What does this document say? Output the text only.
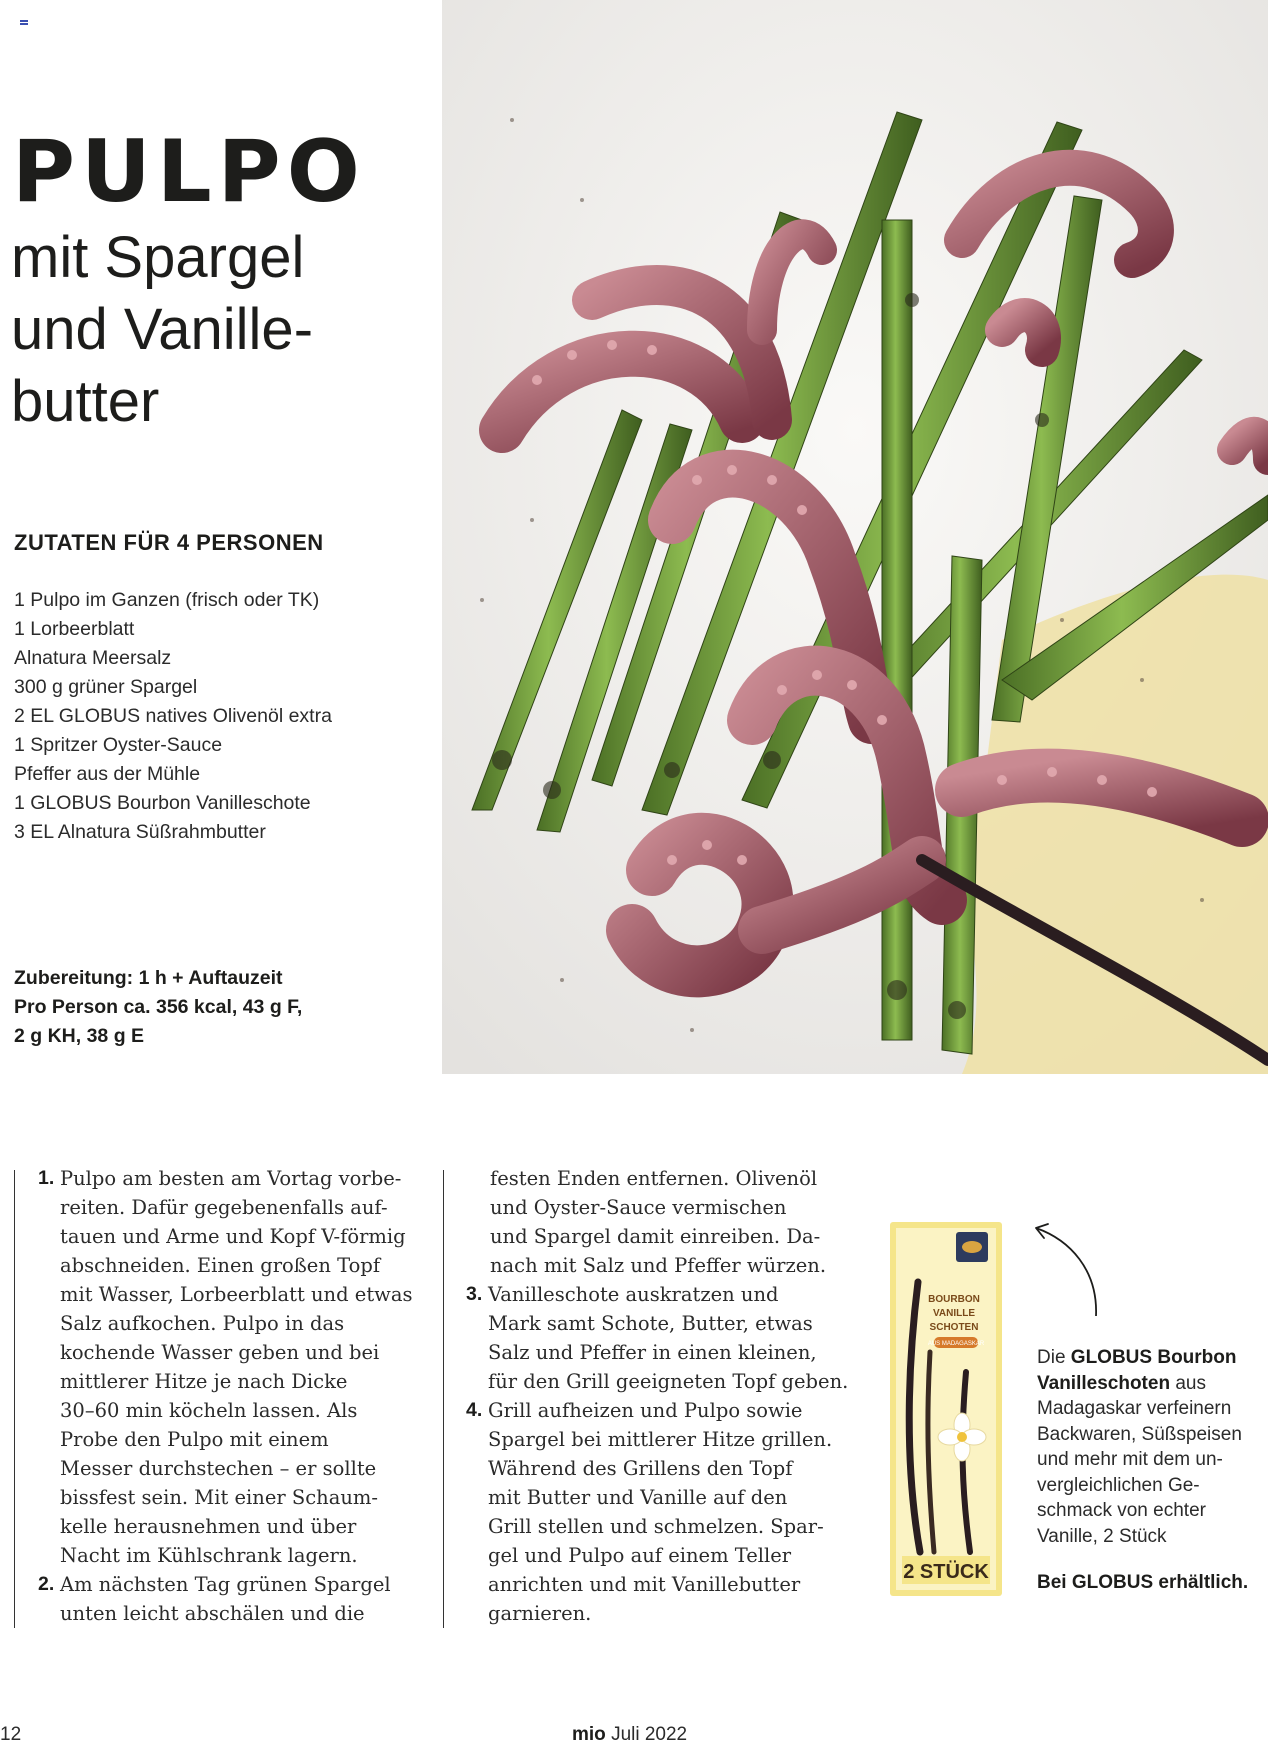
PULPO
mit Spargel
und Vanille-
butter
ZUTATEN FÜR 4 PERSONEN
1 Pulpo im Ganzen (frisch oder TK)
1 Lorbeerblatt
Alnatura Meersalz
300 g grüner Spargel
2 EL GLOBUS natives Olivenöl extra
1 Spritzer Oyster-Sauce
Pfeffer aus der Mühle
1 GLOBUS Bourbon Vanilleschote
3 EL Alnatura Süßrahmbutter

Zubereitung: 1 h + Auftauzeit
Pro Person ca. 356 kcal, 43 g F,
2 g KH, 38 g E

1. Pulpo am besten am Vortag vorbe-
reiten. Dafür gegebenenfalls auf-
tauen und Arme und Kopf V-förmig
abschneiden. Einen großen Topf
mit Wasser, Lorbeerblatt und etwas
Salz aufkochen. Pulpo in das
kochende Wasser geben und bei
mittlerer Hitze je nach Dicke
30–60 min köcheln lassen. Als
Probe den Pulpo mit einem
Messer durchstechen – er sollte
bissfest sein. Mit einer Schaum-
kelle herausnehmen und über
Nacht im Kühlschrank lagern.
2. Am nächsten Tag grünen Spargel
unten leicht abschälen und die
festen Enden entfernen. Olivenöl
und Oyster-Sauce vermischen
und Spargel damit einreiben. Da-
nach mit Salz und Pfeffer würzen.
3. Vanilleschote auskratzen und
Mark samt Schote, Butter, etwas
Salz und Pfeffer in einen kleinen,
für den Grill geeigneten Topf geben.
4. Grill aufheizen und Pulpo sowie
Spargel bei mittlerer Hitze grillen.
Während des Grillens den Topf
mit Butter und Vanille auf den
Grill stellen und schmelzen. Spar-
gel und Pulpo auf einem Teller
anrichten und mit Vanillebutter
garnieren.
BOURBON
VANILLE
SCHOTEN
AUS MADAGASKAR
2 STÜCK

Die GLOBUS Bourbon
Vanilleschoten aus
Madagaskar verfeinern
Backwaren, Süßspeisen
und mehr mit dem un-
vergleichlichen Ge-
schmack von echter
Vanille, 2 Stück

Bei GLOBUS erhältlich.

12	mio Juli 2022
